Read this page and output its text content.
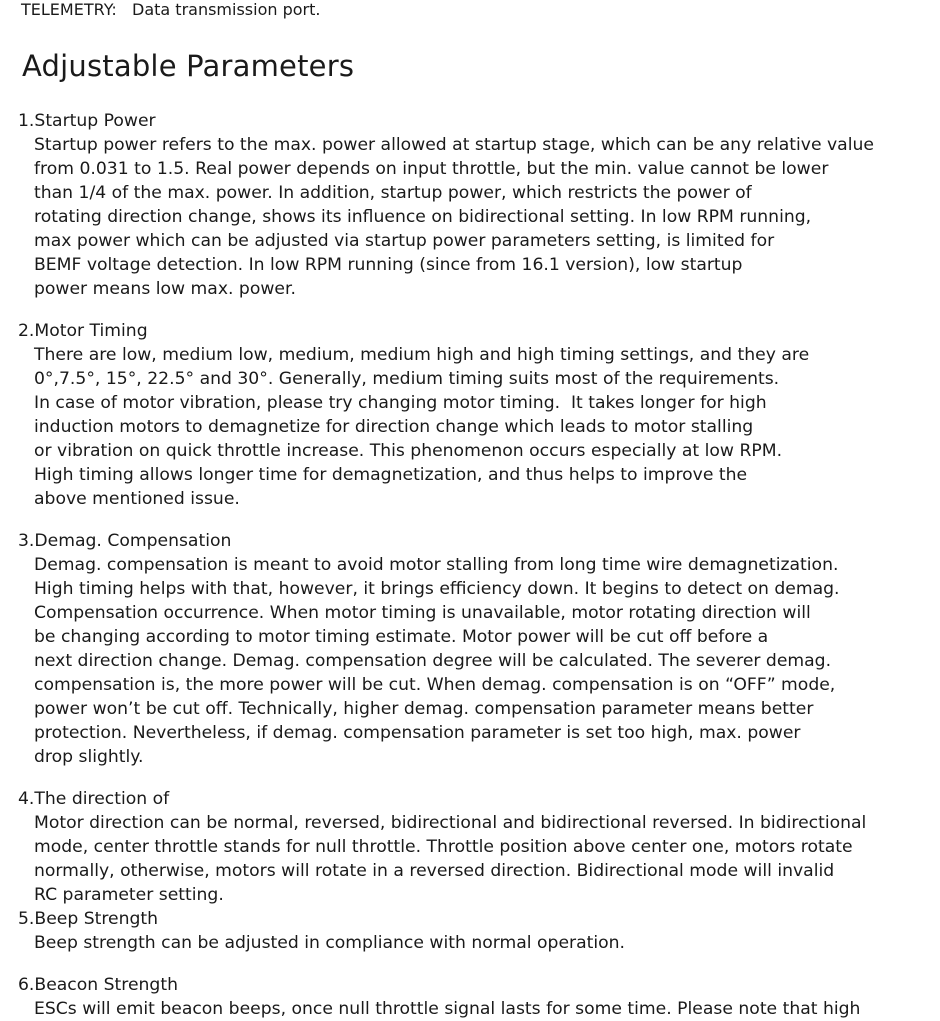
TELEMETRY: Data transmission port.
Adjustable Parameters
1.Startup Power
Startup power refers to the max. power allowed at startup stage, which can be any relative value
from 0.031 to 1.5. Real power depends on input throttle, but the min. value cannot be lower
than 1/4 of the max. power. In addition, startup power, which restricts the power of
rotating direction change, shows its influence on bidirectional setting. In low RPM running,
max power which can be adjusted via startup power parameters setting, is limited for
BEMF voltage detection. In low RPM running (since from 16.1 version), low startup
power means low max. power.
2.Motor Timing
There are low, medium low, medium, medium high and high timing settings, and they are
0°,7.5°, 15°, 22.5° and 30°. Generally, medium timing suits most of the requirements.
In case of motor vibration, please try changing motor timing.  It takes longer for high
induction motors to demagnetize for direction change which leads to motor stalling
or vibration on quick throttle increase. This phenomenon occurs especially at low RPM.
High timing allows longer time for demagnetization, and thus helps to improve the
above mentioned issue.
3.Demag. Compensation
Demag. compensation is meant to avoid motor stalling from long time wire demagnetization.
High timing helps with that, however, it brings efficiency down. It begins to detect on demag.
Compensation occurrence. When motor timing is unavailable, motor rotating direction will
be changing according to motor timing estimate. Motor power will be cut off before a
next direction change. Demag. compensation degree will be calculated. The severer demag.
compensation is, the more power will be cut. When demag. compensation is on “OFF” mode,
power won’t be cut off. Technically, higher demag. compensation parameter means better
protection. Nevertheless, if demag. compensation parameter is set too high, max. power
drop slightly.
4.The direction of
Motor direction can be normal, reversed, bidirectional and bidirectional reversed. In bidirectional
mode, center throttle stands for null throttle. Throttle position above center one, motors rotate
normally, otherwise, motors will rotate in a reversed direction. Bidirectional mode will invalid
RC parameter setting.
5.Beep Strength
Beep strength can be adjusted in compliance with normal operation.
6.Beacon Strength
ESCs will emit beacon beeps, once null throttle signal lasts for some time. Please note that high
